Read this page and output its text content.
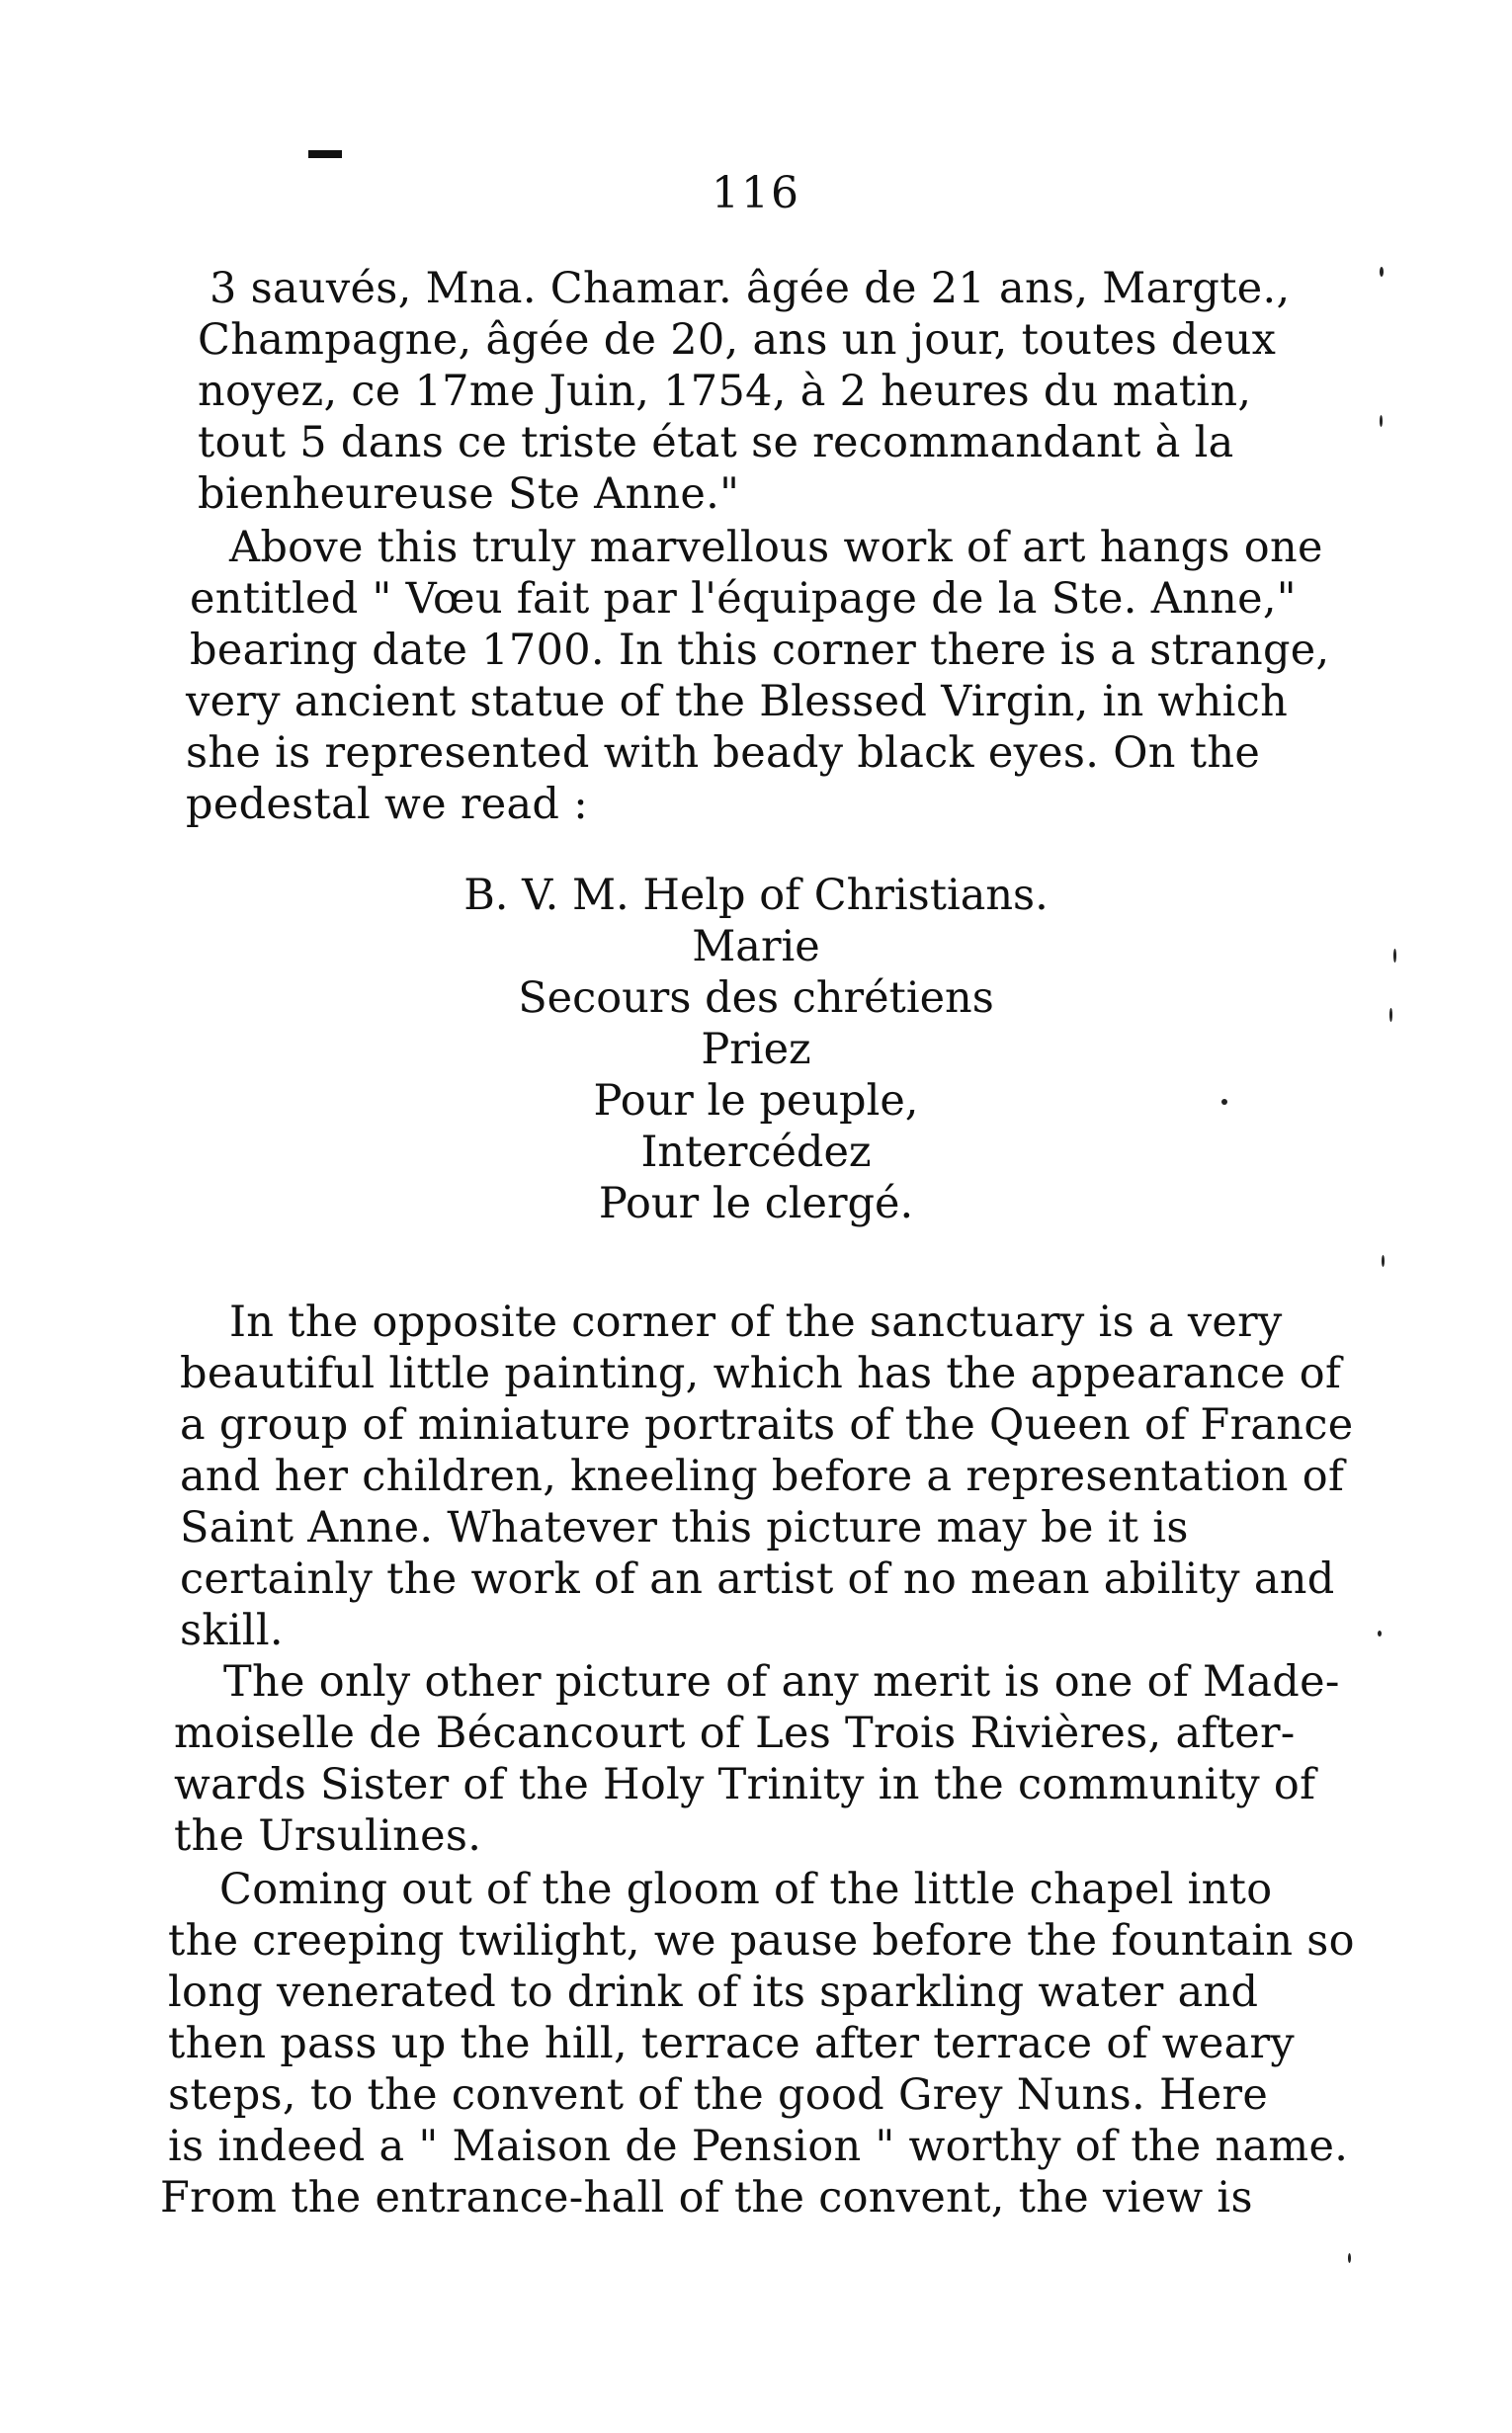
116
3 sauvés, Mna. Chamar. âgée de 21 ans, Margte.,
Champagne, âgée de 20, ans un jour, toutes deux
noyez, ce 17me Juin, 1754, à 2 heures du matin,
tout 5 dans ce triste état se recommandant à la
bienheureuse Ste Anne."
Above this truly marvellous work of art hangs one
entitled " Vœu fait par l'équipage de la Ste. Anne,"
bearing date 1700. In this corner there is a strange,
very ancient statue of the Blessed Virgin, in which
she is represented with beady black eyes. On the
pedestal we read :
B. V. M. Help of Christians.
Marie
Secours des chrétiens
Priez
Pour le peuple,
Intercédez
Pour le clergé.
In the opposite corner of the sanctuary is a very
beautiful little painting, which has the appearance of
a group of miniature portraits of the Queen of France
and her children, kneeling before a representation of
Saint Anne. Whatever this picture may be it is
certainly the work of an artist of no mean ability and
skill.
The only other picture of any merit is one of Made-
moiselle de Bécancourt of Les Trois Rivières, after-
wards Sister of the Holy Trinity in the community of
the Ursulines.
Coming out of the gloom of the little chapel into
the creeping twilight, we pause before the fountain so
long venerated to drink of its sparkling water and
then pass up the hill, terrace after terrace of weary
steps, to the convent of the good Grey Nuns. Here
is indeed a " Maison de Pension " worthy of the name.
From the entrance-hall of the convent, the view is
